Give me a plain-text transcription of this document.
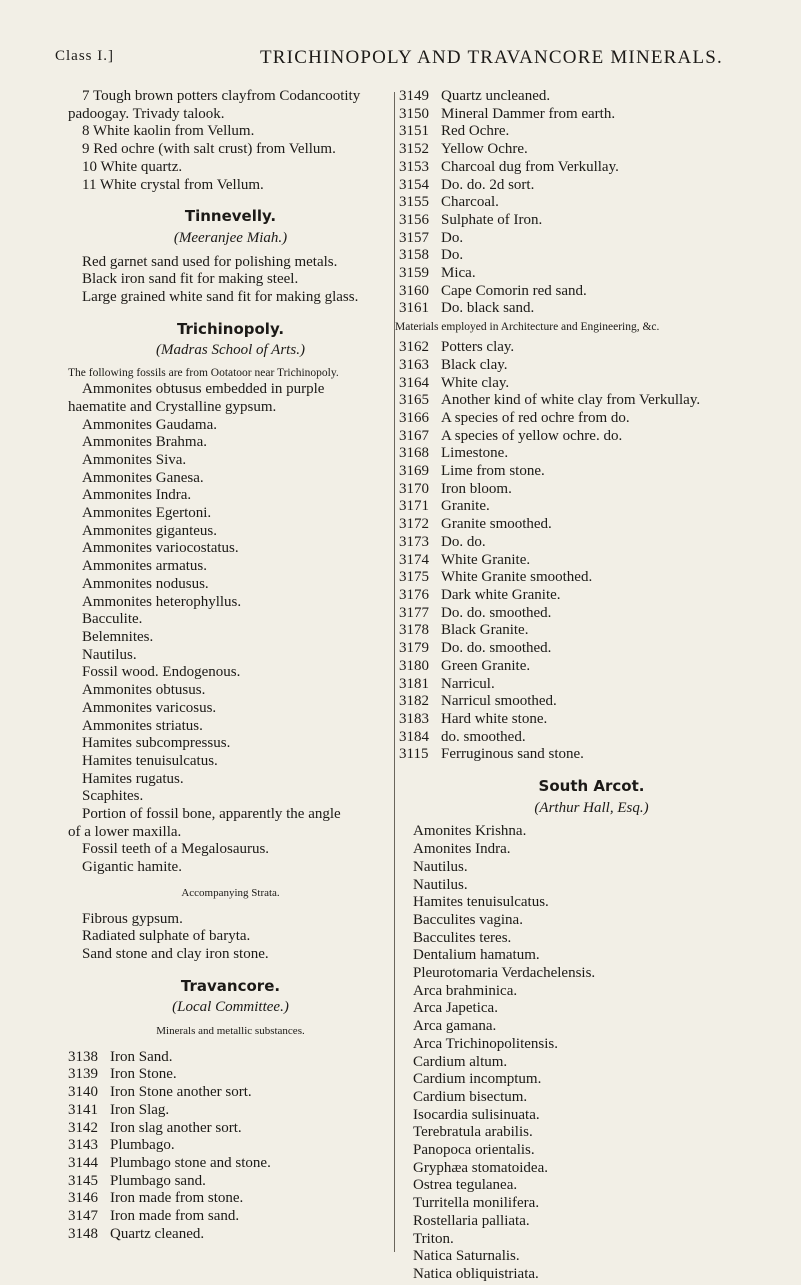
Class I.]	TRICHINOPOLY AND TRAVANCORE MINERALS.
7 Tough brown potters clayfrom Codancootity
padoogay. Trivady talook.
8 White kaolin from Vellum.
9 Red ochre (with salt crust) from Vellum.
10 White quartz.
11 White crystal from Vellum.
Tinnevelly.
(Meeranjee Miah.)
Red garnet sand used for polishing metals.
Black iron sand fit for making steel.
Large grained white sand fit for making glass.
Trichinopoly.
(Madras School of Arts.)
The following fossils are from Ootatoor near Trichinopoly.
Ammonites obtusus embedded in purple
haematite and Crystalline gypsum.
Ammonites Gaudama.
Ammonites Brahma.
Ammonites Siva.
Ammonites Ganesa.
Ammonites Indra.
Ammonites Egertoni.
Ammonites giganteus.
Ammonites variocostatus.
Ammonites armatus.
Ammonites nodusus.
Ammonites heterophyllus.
Bacculite.
Belemnites.
Nautilus.
Fossil wood. Endogenous.
Ammonites obtusus.
Ammonites varicosus.
Ammonites striatus.
Hamites subcompressus.
Hamites tenuisulcatus.
Hamites rugatus.
Scaphites.
Portion of fossil bone, apparently the angle
of a lower maxilla.
Fossil teeth of a Megalosaurus.
Gigantic hamite.
Accompanying Strata.
Fibrous gypsum.
Radiated sulphate of baryta.
Sand stone and clay iron stone.
Travancore.
(Local Committee.)
Minerals and metallic substances.
3138 Iron Sand.
3139 Iron Stone.
3140 Iron Stone another sort.
3141 Iron Slag.
3142 Iron slag another sort.
3143 Plumbago.
3144 Plumbago stone and stone.
3145 Plumbago sand.
3146 Iron made from stone.
3147 Iron made from sand.
3148 Quartz cleaned.
3149 Quartz uncleaned.
3150 Mineral Dammer from earth.
3151 Red Ochre.
3152 Yellow Ochre.
3153 Charcoal dug from Verkullay.
3154 Do. do. 2d sort.
3155 Charcoal.
3156 Sulphate of Iron.
3157 Do.
3158 Do.
3159 Mica.
3160 Cape Comorin red sand.
3161 Do. black sand.
Materials employed in Architecture and Engineering, &c.
3162 Potters clay.
3163 Black clay.
3164 White clay.
3165 Another kind of white clay from Verkullay.
3166 A species of red ochre from do.
3167 A species of yellow ochre. do.
3168 Limestone.
3169 Lime from stone.
3170 Iron bloom.
3171 Granite.
3172 Granite smoothed.
3173 Do. do.
3174 White Granite.
3175 White Granite smoothed.
3176 Dark white Granite.
3177 Do. do. smoothed.
3178 Black Granite.
3179 Do. do. smoothed.
3180 Green Granite.
3181 Narricul.
3182 Narricul smoothed.
3183 Hard white stone.
3184 do. smoothed.
3115 Ferruginous sand stone.
South Arcot.
(Arthur Hall, Esq.)
Amonites Krishna.
Amonites Indra.
Nautilus.
Nautilus.
Hamites tenuisulcatus.
Bacculites vagina.
Bacculites teres.
Dentalium hamatum.
Pleurotomaria Verdachelensis.
Arca brahminica.
Arca Japetica.
Arca gamana.
Arca Trichinopolitensis.
Cardium altum.
Cardium incomptum.
Cardium bisectum.
Isocardia sulisinuata.
Terebratula arabilis.
Panopoca orientalis.
Gryphæa stomatoidea.
Ostrea tegulanea.
Turritella monilifera.
Rostellaria palliata.
Triton.
Natica Saturnalis.
Natica obliquistriata.
